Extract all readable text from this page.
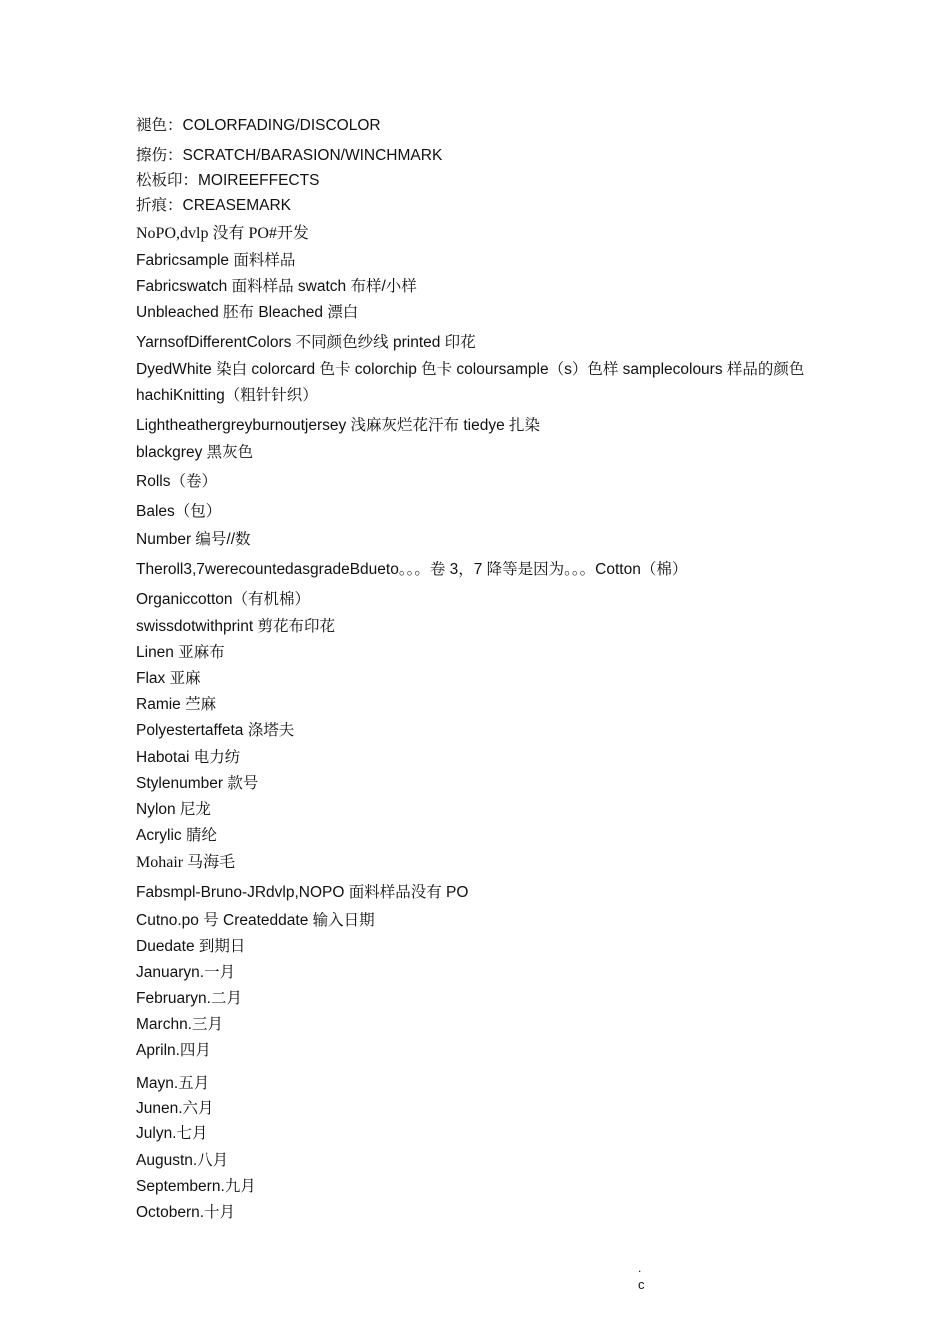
褪色：COLORFADING/DISCOLOR
擦伤：SCRATCH/BARASION/WINCHMARK
松板印：MOIREEFFECTS
折痕：CREASEMARK
NoPO,dvlp 没有 PO#开发
Fabricsample 面料样品
Fabricswatch 面料样品 swatch 布样/小样
Unbleached 胚布 Bleached 漂白
YarnsofDifferentColors 不同颜色纱线 printed 印花
DyedWhite 染白 colorcard 色卡 colorchip 色卡 coloursample（s）色样 samplecolours 样品的颜色 hachiKnitting（粗针针织）
Lightheathergreyburnoutjersey 浅麻灰烂花汗布 tiedye 扎染
blackgrey 黑灰色
Rolls（卷）
Bales（包）
Number 编号//数
Theroll3,7werecountedasgradeBdueto。。。卷 3，7 降等是因为。。。Cotton（棉）
Organiccotton（有机棉）
swissdotwithprint 剪花布印花
Linen 亚麻布
Flax 亚麻
Ramie 苎麻
Polyestertaffeta 涤塔夫
Habotai 电力纺
Stylenumber 款号
Nylon 尼龙
Acrylic 腈纶
Mohair 马海毛
Fabsmpl-Bruno-JRdvlp,NOPO 面料样品没有 PO
Cutno.po 号 Createddate 输入日期
Duedate 到期日
Januaryn.一月
Februaryn.二月
Marchn.三月
Apriln.四月
Mayn.五月
Junen.六月
Julyn.七月
Augustn.八月
Septembern.九月
Octobern.十月
.
c
